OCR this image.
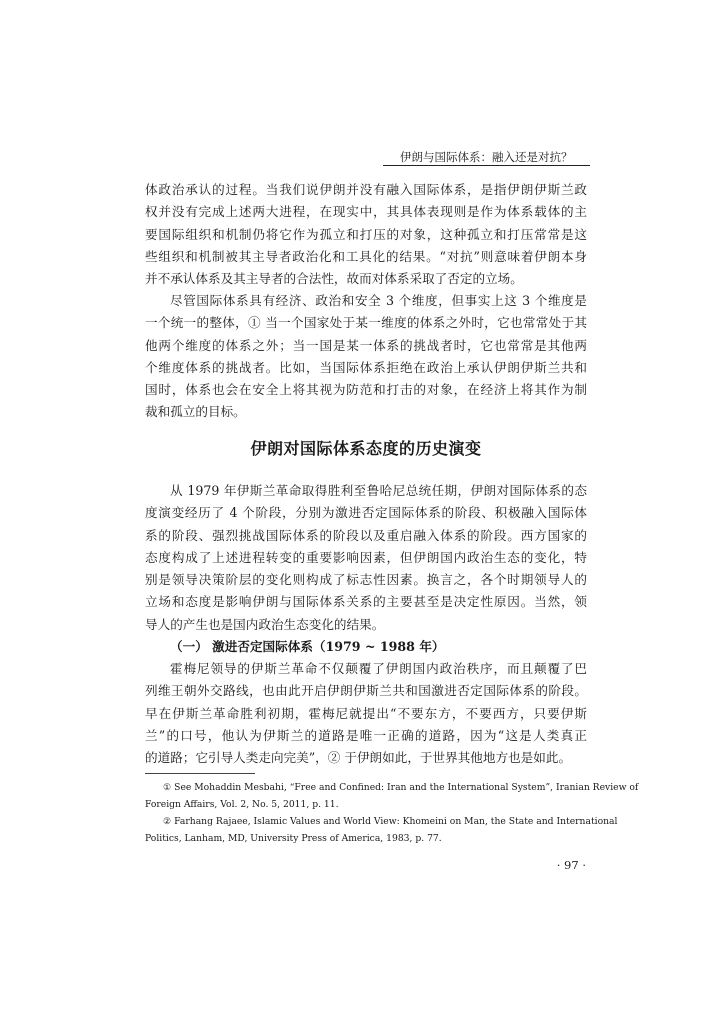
伊朗与国际体系：融入还是对抗？
体政治承认的过程。当我们说伊朗并没有融入国际体系，是指伊朗伊斯兰政
权并没有完成上述两大进程，在现实中，其具体表现则是作为体系载体的主
要国际组织和机制仍将它作为孤立和打压的对象，这种孤立和打压常常是这
些组织和机制被其主导者政治化和工具化的结果。“对抗”则意味着伊朗本身
并不承认体系及其主导者的合法性，故而对体系采取了否定的立场。
尽管国际体系具有经济、政治和安全 3 个维度，但事实上这 3 个维度是
一个统一的整体，① 当一个国家处于某一维度的体系之外时，它也常常处于其
他两个维度的体系之外；当一国是某一体系的挑战者时，它也常常是其他两
个维度体系的挑战者。比如，当国际体系拒绝在政治上承认伊朗伊斯兰共和
国时，体系也会在安全上将其视为防范和打击的对象，在经济上将其作为制
裁和孤立的目标。
伊朗对国际体系态度的历史演变
从 1979 年伊斯兰革命取得胜利至鲁哈尼总统任期，伊朗对国际体系的态
度演变经历了 4 个阶段，分别为激进否定国际体系的阶段、积极融入国际体
系的阶段、强烈挑战国际体系的阶段以及重启融入体系的阶段。西方国家的
态度构成了上述进程转变的重要影响因素，但伊朗国内政治生态的变化，特
别是领导决策阶层的变化则构成了标志性因素。换言之，各个时期领导人的
立场和态度是影响伊朗与国际体系关系的主要甚至是决定性原因。当然，领
导人的产生也是国内政治生态变化的结果。
（一） 激进否定国际体系（1979 ~ 1988 年）
霍梅尼领导的伊斯兰革命不仅颠覆了伊朗国内政治秩序，而且颠覆了巴
列维王朝外交路线，也由此开启伊朗伊斯兰共和国激进否定国际体系的阶段。
早在伊斯兰革命胜利初期，霍梅尼就提出“不要东方，不要西方，只要伊斯
兰”的口号，他认为伊斯兰的道路是唯一正确的道路，因为“这是人类真正
的道路；它引导人类走向完美”，② 于伊朗如此，于世界其他地方也是如此。
① See Mohaddin Mesbahi, “Free and Confined: Iran and the International System”, Iranian Review of
Foreign Affairs, Vol. 2, No. 5, 2011, p. 11.
② Farhang Rajaee, Islamic Values and World View: Khomeini on Man, the State and International
Politics, Lanham, MD, University Press of America, 1983, p. 77.
· 97 ·
